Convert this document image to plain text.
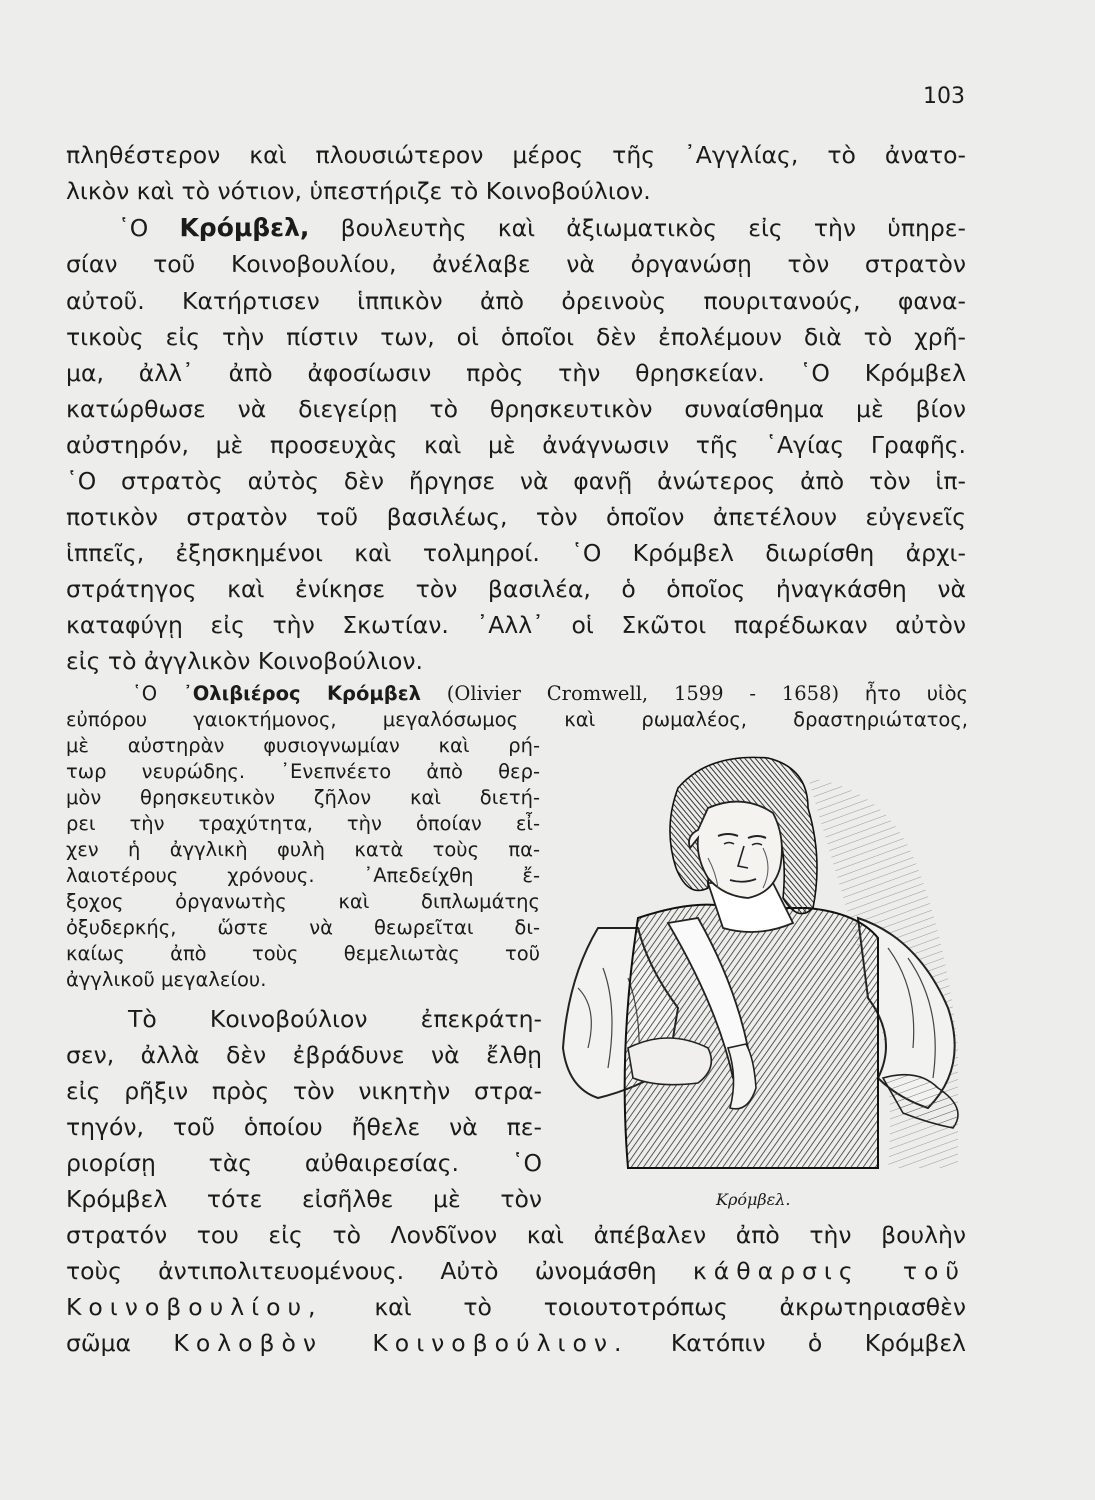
103
πληθέστερον καὶ πλουσιώτερον μέρος τῆς ᾿Αγγλίας, τὸ ἀνατο-
λικὸν καὶ τὸ νότιον, ὑπεστήριζε τὸ Κοινοβούλιον.
῾Ο Κρόμβελ, βουλευτὴς καὶ ἀξιωματικὸς εἰς τὴν ὑπηρε-
σίαν τοῦ Κοινοβουλίου, ἀνέλαβε νὰ ὀργανώσῃ τὸν στρατὸν
αὐτοῦ. Κατήρτισεν ἱππικὸν ἀπὸ ὀρεινοὺς πουριτανούς, φανα-
τικοὺς εἰς τὴν πίστιν των, οἱ ὁποῖοι δὲν ἐπολέμουν διὰ τὸ χρῆ-
μα, ἀλλ᾿ ἀπὸ ἀφοσίωσιν πρὸς τὴν θρησκείαν. ῾Ο Κρόμβελ
κατώρθωσε νὰ διεγείρῃ τὸ θρησκευτικὸν συναίσθημα μὲ βίον
αὐστηρόν, μὲ προσευχὰς καὶ μὲ ἀνάγνωσιν τῆς ῾Αγίας Γραφῆς.
῾Ο στρατὸς αὐτὸς δὲν ἤργησε νὰ φανῇ ἀνώτερος ἀπὸ τὸν ἱπ-
ποτικὸν στρατὸν τοῦ βασιλέως, τὸν ὁποῖον ἀπετέλουν εὐγενεῖς
ἱππεῖς, ἐξησκημένοι καὶ τολμηροί. ῾Ο Κρόμβελ διωρίσθη ἀρχι-
στράτηγος καὶ ἐνίκησε τὸν βασιλέα, ὁ ὁποῖος ἠναγκάσθη νὰ
καταφύγῃ εἰς τὴν Σκωτίαν. ᾿Αλλ᾿ οἱ Σκῶτοι παρέδωκαν αὐτὸν
εἰς τὸ ἀγγλικὸν Κοινοβούλιον.
῾Ο ᾿Ολιβιέρος Κρόμβελ (Olivier Cromwell, 1599 - 1658) ἦτο υἱὸς
εὐπόρου γαιοκτήμονος, μεγαλόσωμος καὶ ρωμαλέος, δραστηριώτατος,
μὲ αὐστηρὰν φυσιογνωμίαν καὶ ρή-
τωρ νευρώδης. ᾿Ενεπνέετο ἀπὸ θερ-
μὸν θρησκευτικὸν ζῆλον καὶ διετή-
ρει τὴν τραχύτητα, τὴν ὁποίαν εἶ-
χεν ἡ ἀγγλικὴ φυλὴ κατὰ τοὺς πα-
λαιοτέρους χρόνους. ᾿Απεδείχθη ἔ-
ξοχος ὀργανωτὴς καὶ διπλωμάτης
ὀξυδερκής, ὥστε νὰ θεωρεῖται δι-
καίως ἀπὸ τοὺς θεμελιωτὰς τοῦ
ἀγγλικοῦ μεγαλείου.
Τὸ Κοινοβούλιον ἐπεκράτη-
σεν, ἀλλὰ δὲν ἐβράδυνε νὰ ἔλθῃ
εἰς ρῆξιν πρὸς τὸν νικητὴν στρα-
τηγόν, τοῦ ὁποίου ἤθελε νὰ πε-
ριορίσῃ τὰς αὐθαιρεσίας. ῾Ο
Κρόμβελ τότε εἰσῆλθε μὲ τὸν
στρατόν του εἰς τὸ Λονδῖνον καὶ ἀπέβαλεν ἀπὸ τὴν βουλὴν
τοὺς ἀντιπολιτευομένους. Αὐτὸ ὠνομάσθη κάθαρσις τοῦ
Κοινοβουλίου, καὶ τὸ τοιουτοτρόπως ἀκρωτηριασθὲν
σῶμα Κολοβὸν Κοινοβούλιον. Κατόπιν ὁ Κρόμβελ
Κρόμβελ.
